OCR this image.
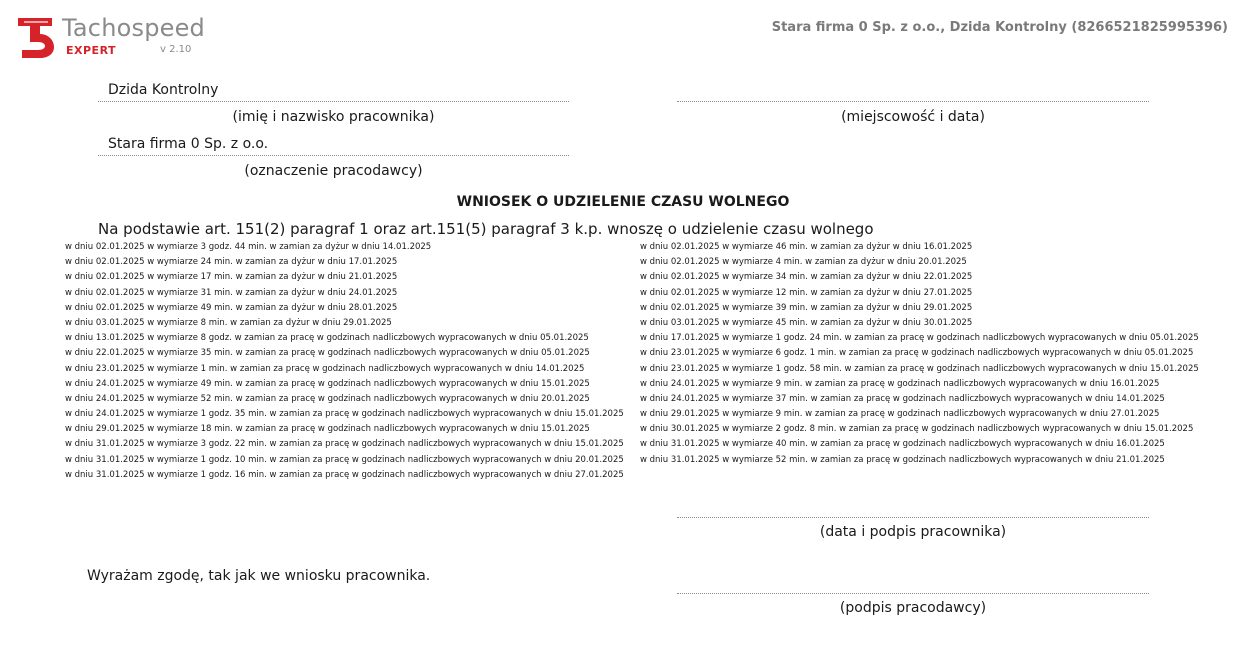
Tachospeed
EXPERT	v 2.10
Stara firma 0 Sp. z o.o., Dzida Kontrolny (8266521825995396)
Dzida Kontrolny
(imię i nazwisko pracownika)	(miejscowość i data)
Stara firma 0 Sp. z o.o.
(oznaczenie pracodawcy)
WNIOSEK O UDZIELENIE CZASU WOLNEGO
Na podstawie art. 151(2) paragraf 1 oraz art.151(5) paragraf 3 k.p. wnoszę o udzielenie czasu wolnego
w dniu 02.01.2025 w wymiarze 3 godz. 44 min. w zamian za dyżur w dniu 14.01.2025
w dniu 02.01.2025 w wymiarze 24 min. w zamian za dyżur w dniu 17.01.2025
w dniu 02.01.2025 w wymiarze 17 min. w zamian za dyżur w dniu 21.01.2025
w dniu 02.01.2025 w wymiarze 31 min. w zamian za dyżur w dniu 24.01.2025
w dniu 02.01.2025 w wymiarze 49 min. w zamian za dyżur w dniu 28.01.2025
w dniu 03.01.2025 w wymiarze 8 min. w zamian za dyżur w dniu 29.01.2025
w dniu 13.01.2025 w wymiarze 8 godz. w zamian za pracę w godzinach nadliczbowych wypracowanych w dniu 05.01.2025
w dniu 22.01.2025 w wymiarze 35 min. w zamian za pracę w godzinach nadliczbowych wypracowanych w dniu 05.01.2025
w dniu 23.01.2025 w wymiarze 1 min. w zamian za pracę w godzinach nadliczbowych wypracowanych w dniu 14.01.2025
w dniu 24.01.2025 w wymiarze 49 min. w zamian za pracę w godzinach nadliczbowych wypracowanych w dniu 15.01.2025
w dniu 24.01.2025 w wymiarze 52 min. w zamian za pracę w godzinach nadliczbowych wypracowanych w dniu 20.01.2025
w dniu 24.01.2025 w wymiarze 1 godz. 35 min. w zamian za pracę w godzinach nadliczbowych wypracowanych w dniu 15.01.2025
w dniu 29.01.2025 w wymiarze 18 min. w zamian za pracę w godzinach nadliczbowych wypracowanych w dniu 15.01.2025
w dniu 31.01.2025 w wymiarze 3 godz. 22 min. w zamian za pracę w godzinach nadliczbowych wypracowanych w dniu 15.01.2025
w dniu 31.01.2025 w wymiarze 1 godz. 10 min. w zamian za pracę w godzinach nadliczbowych wypracowanych w dniu 20.01.2025
w dniu 31.01.2025 w wymiarze 1 godz. 16 min. w zamian za pracę w godzinach nadliczbowych wypracowanych w dniu 27.01.2025
w dniu 02.01.2025 w wymiarze 46 min. w zamian za dyżur w dniu 16.01.2025
w dniu 02.01.2025 w wymiarze 4 min. w zamian za dyżur w dniu 20.01.2025
w dniu 02.01.2025 w wymiarze 34 min. w zamian za dyżur w dniu 22.01.2025
w dniu 02.01.2025 w wymiarze 12 min. w zamian za dyżur w dniu 27.01.2025
w dniu 02.01.2025 w wymiarze 39 min. w zamian za dyżur w dniu 29.01.2025
w dniu 03.01.2025 w wymiarze 45 min. w zamian za dyżur w dniu 30.01.2025
w dniu 17.01.2025 w wymiarze 1 godz. 24 min. w zamian za pracę w godzinach nadliczbowych wypracowanych w dniu 05.01.2025
w dniu 23.01.2025 w wymiarze 6 godz. 1 min. w zamian za pracę w godzinach nadliczbowych wypracowanych w dniu 05.01.2025
w dniu 23.01.2025 w wymiarze 1 godz. 58 min. w zamian za pracę w godzinach nadliczbowych wypracowanych w dniu 15.01.2025
w dniu 24.01.2025 w wymiarze 9 min. w zamian za pracę w godzinach nadliczbowych wypracowanych w dniu 16.01.2025
w dniu 24.01.2025 w wymiarze 37 min. w zamian za pracę w godzinach nadliczbowych wypracowanych w dniu 14.01.2025
w dniu 29.01.2025 w wymiarze 9 min. w zamian za pracę w godzinach nadliczbowych wypracowanych w dniu 27.01.2025
w dniu 30.01.2025 w wymiarze 2 godz. 8 min. w zamian za pracę w godzinach nadliczbowych wypracowanych w dniu 15.01.2025
w dniu 31.01.2025 w wymiarze 40 min. w zamian za pracę w godzinach nadliczbowych wypracowanych w dniu 16.01.2025
w dniu 31.01.2025 w wymiarze 52 min. w zamian za pracę w godzinach nadliczbowych wypracowanych w dniu 21.01.2025
(data i podpis pracownika)
Wyrażam zgodę, tak jak we wniosku pracownika.
(podpis pracodawcy)
